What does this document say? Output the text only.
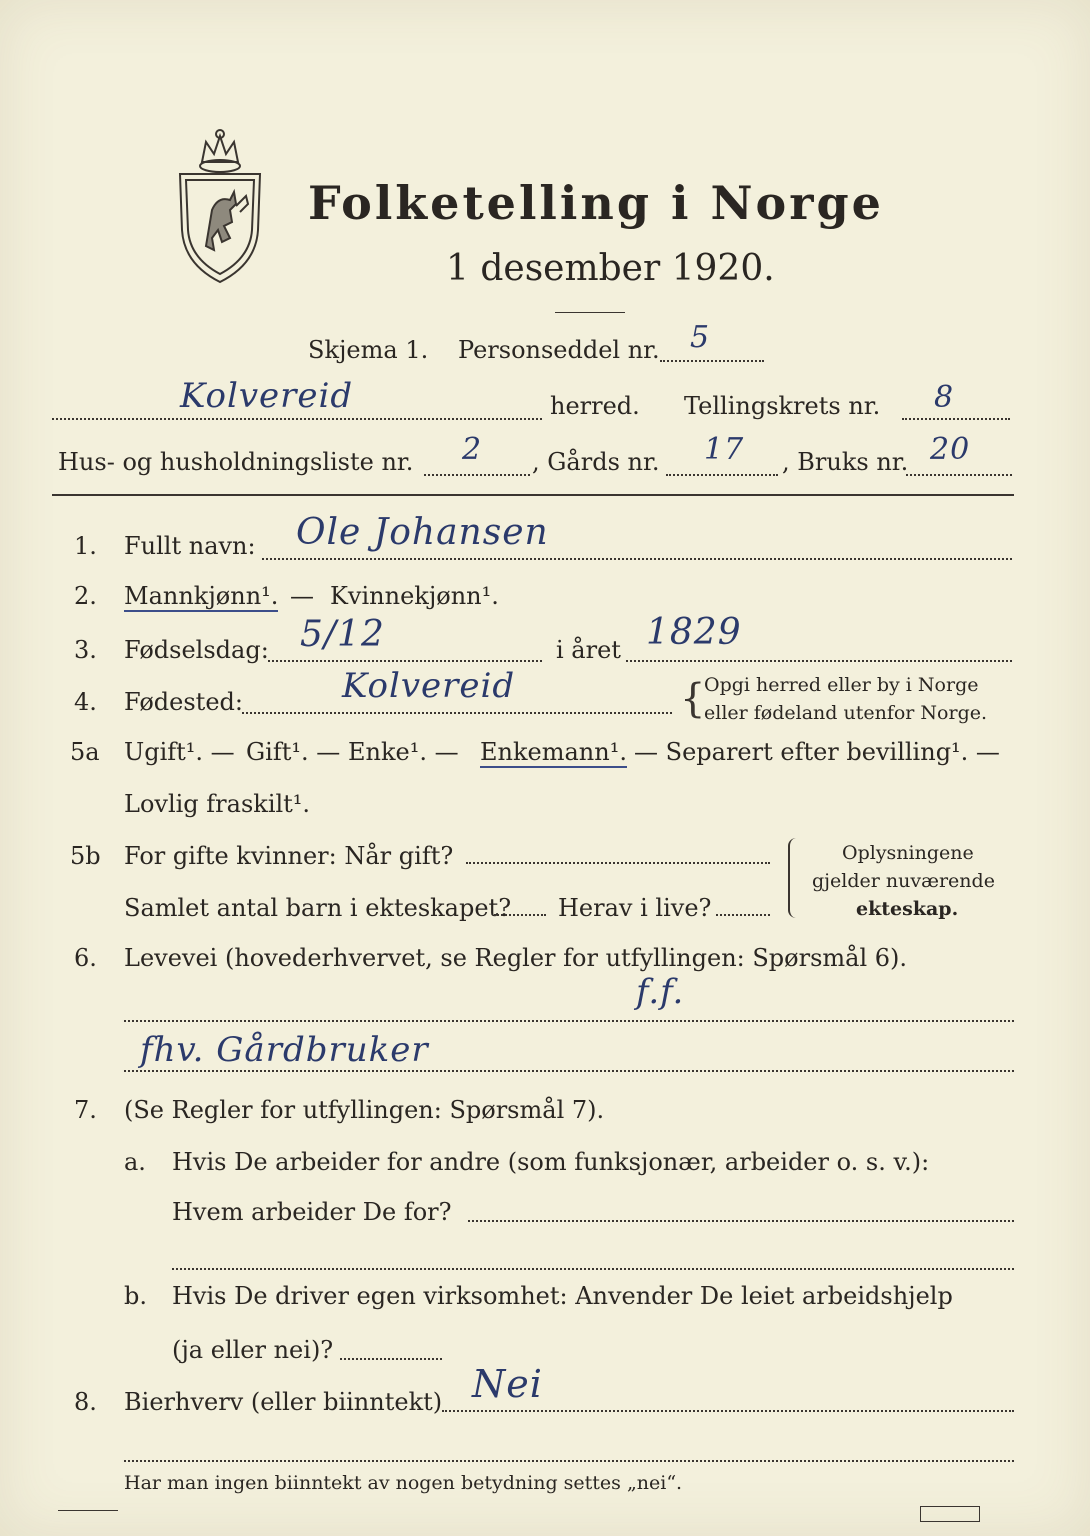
Folketelling i Norge
1 desember 1920.
Skjema 1. Personseddel nr. 5
Kolvereid	herred. Tellingskrets nr. 8
Hus- og husholdningsliste nr. 2 , Gårds nr. 17 , Bruks nr. 20
1. Fullt navn: Ole Johansen
2. Mannkjønn¹. — Kvinnekjønn¹.
3. Fødselsdag: 5/12	i året 1829
4. Fødested:	Kolvereid	{
Opgi herred eller by i Norge
eller fødeland utenfor Norge.
5a Ugift¹. — Gift¹. — Enke¹. — Enkemann¹. — Separert efter bevilling¹. —
Lovlig fraskilt¹.
5b For gifte kvinner: Når gift?
Samlet antal barn i ekteskapet? Herav i live?
Oplysningene
gjelder nuværende
ekteskap.
6. Levevei (hovederhvervet, se Regler for utfyllingen: Spørsmål 6).
f.f.
fhv. Gårdbruker
7. (Se Regler for utfyllingen: Spørsmål 7).
a. Hvis De arbeider for andre (som funksjonær, arbeider o. s. v.):
Hvem arbeider De for?
b. Hvis De driver egen virksomhet: Anvender De leiet arbeidshjelp
(ja eller nei)?
8. Bierhverv (eller biinntekt) Nei
Har man ingen biinntekt av nogen betydning settes „nei“.
